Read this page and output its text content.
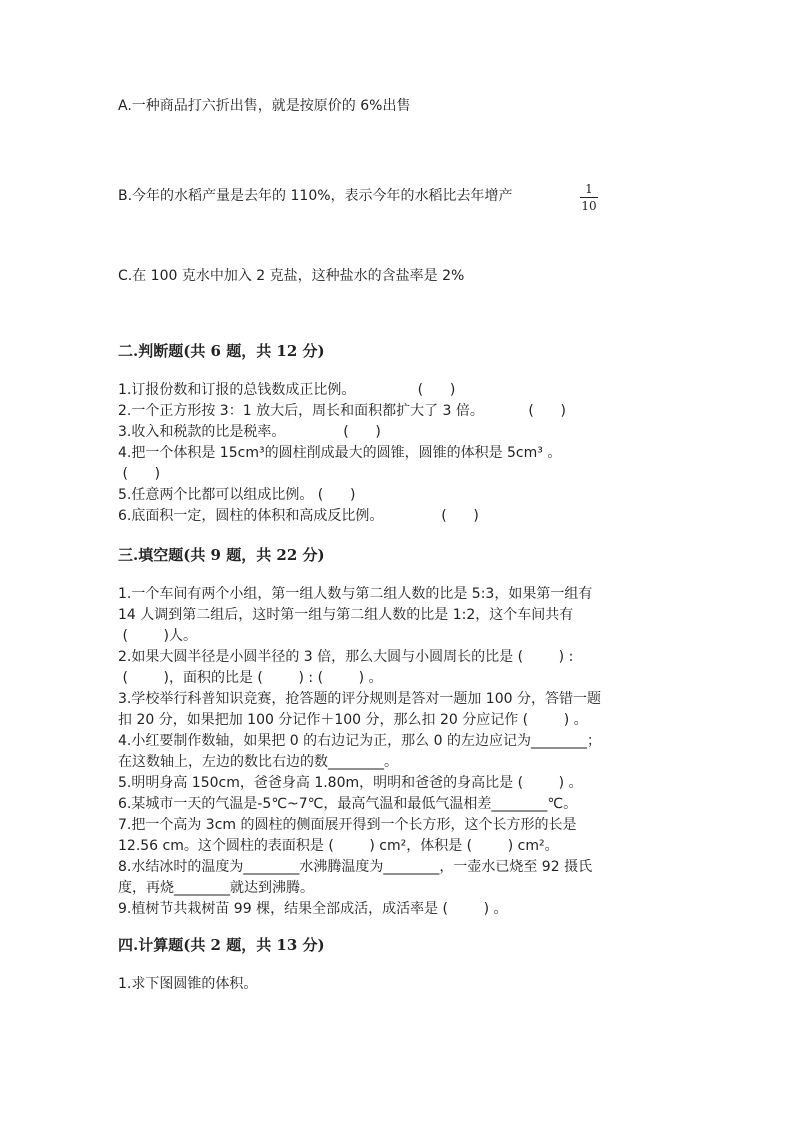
A.一种商品打六折出售，就是按原价的 6%出售
B.今年的水稻产量是去年的 110%，表示今年的水稻比去年增产	1
10
C.在 100 克水中加入 2 克盐，这种盐水的含盐率是 2%
二.判断题(共 6 题，共 12 分)
1.订报份数和订报的总钱数成正比例。              (      )
2.一个正方形按 3：1 放大后，周长和面积都扩大了 3 倍。          (      )
3.收入和税款的比是税率。             (      )
4.把一个体积是 15cm³的圆柱削成最大的圆锥，圆锥的体积是 5cm³ 。
(      )
5.任意两个比都可以组成比例。 (      )
6.底面积一定，圆柱的体积和高成反比例。             (      )
三.填空题(共 9 题，共 22 分)
1.一个车间有两个小组，第一组人数与第二组人数的比是 5:3，如果第一组有
14 人调到第二组后，这时第一组与第二组人数的比是 1:2，这个车间共有
(        )人。
2.如果大圆半径是小圆半径的 3 倍，那么大圆与小圆周长的比是 (        ) :
(        )，面积的比是 (        ) : (        ) 。
3.学校举行科普知识竞赛，抢答题的评分规则是答对一题加 100 分，答错一题
扣 20 分，如果把加 100 分记作＋100 分，那么扣 20 分应记作 (        ) 。
4.小红要制作数轴，如果把 0 的右边记为正，那么 0 的左边应记为________；
在这数轴上，左边的数比右边的数________。
5.明明身高 150cm，爸爸身高 1.80m，明明和爸爸的身高比是 (        ) 。
6.某城市一天的气温是-5℃~7℃，最高气温和最低气温相差________℃。
7.把一个高为 3cm 的圆柱的侧面展开得到一个长方形，这个长方形的长是
12.56 cm。这个圆柱的表面积是 (        ) cm²，体积是 (        ) cm²。
8.水结冰时的温度为________水沸腾温度为________，一壶水已烧至 92 摄氏
度，再烧________就达到沸腾。
9.植树节共栽树苗 99 棵，结果全部成活，成活率是 (        ) 。
四.计算题(共 2 题，共 13 分)
1.求下图圆锥的体积。
